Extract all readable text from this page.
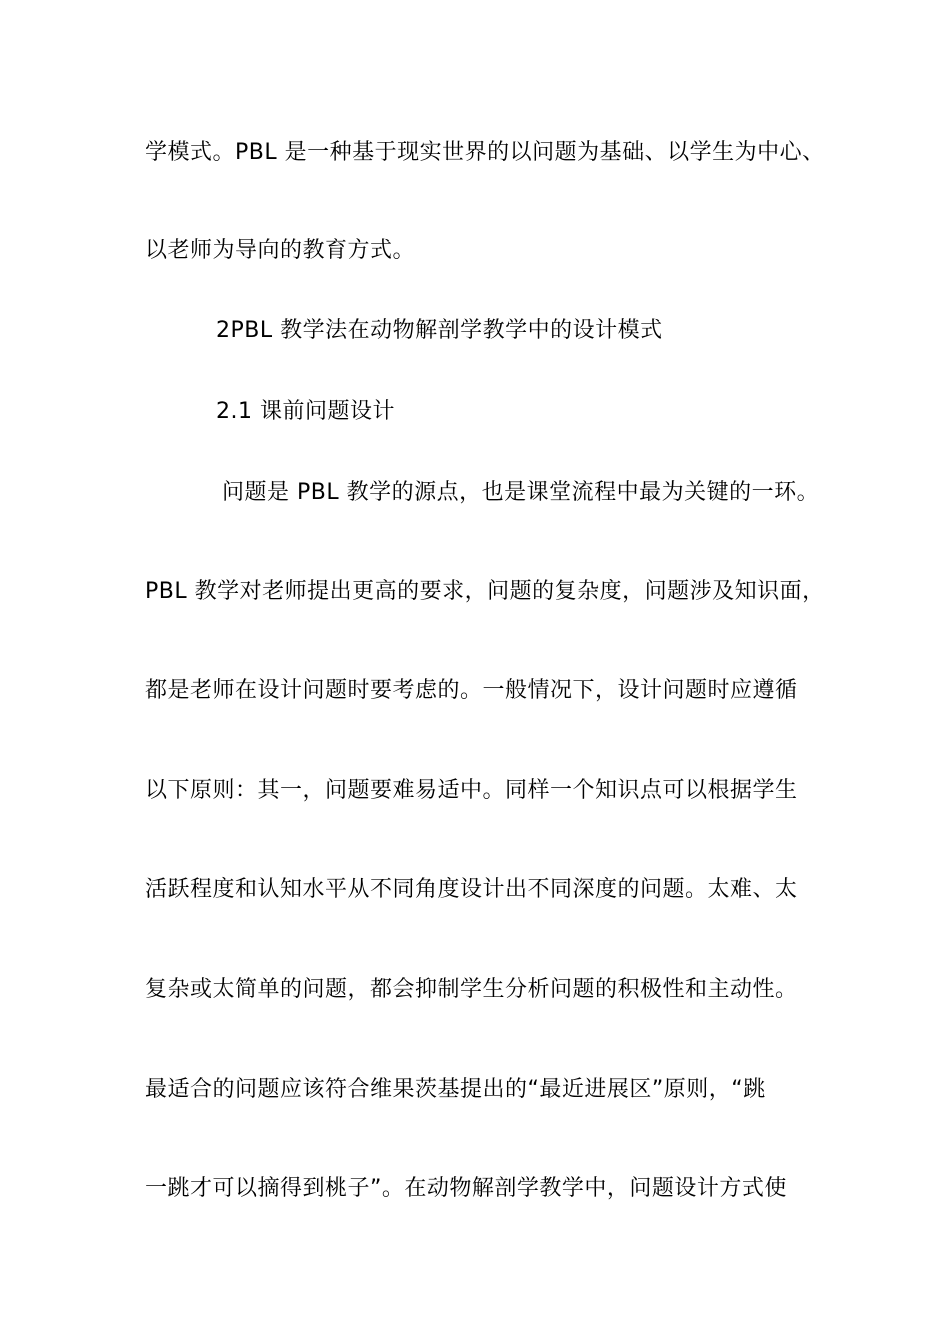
学模式。PBL 是一种基于现实世界的以问题为基础、以学生为中心、
以老师为导向的教育方式。
2PBL 教学法在动物解剖学教学中的设计模式
2.1 课前问题设计
问题是 PBL 教学的源点，也是课堂流程中最为关键的一环。
PBL 教学对老师提出更高的要求，问题的复杂度，问题涉及知识面，
都是老师在设计问题时要考虑的。一般情况下，设计问题时应遵循
以下原则：其一，问题要难易适中。同样一个知识点可以根据学生
活跃程度和认知水平从不同角度设计出不同深度的问题。太难、太
复杂或太简单的问题，都会抑制学生分析问题的积极性和主动性。
最适合的问题应该符合维果茨基提出的“最近进展区”原则，“跳
一跳才可以摘得到桃子”。在动物解剖学教学中，问题设计方式使
